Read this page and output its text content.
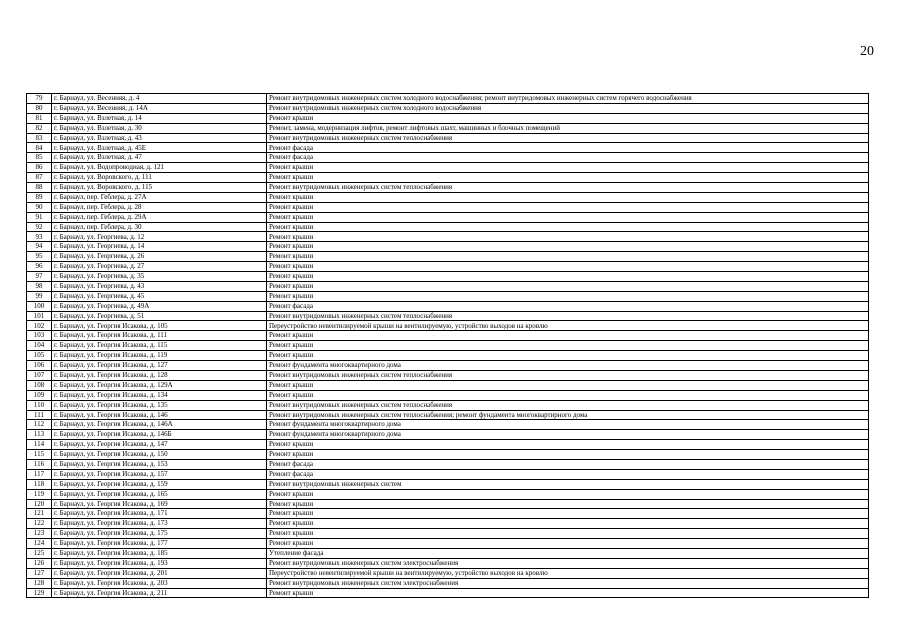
20
79	г. Барнаул, ул. Весенняя, д. 4	Ремонт внутридомовых инженерных систем холодного водоснабжения; ремонт внутридомовых инженерных систем горячего водоснабжения
80	г. Барнаул, ул. Весенняя, д. 14А	Ремонт внутридомовых инженерных систем холодного водоснабжения
81	г. Барнаул, ул. Взлетная, д. 14	Ремонт крыши
82	г. Барнаул, ул. Взлетная, д. 30	Ремонт, замена, модернизация лифтов, ремонт лифтовых шахт, машинных и блочных помещений
83	г. Барнаул, ул. Взлетная, д. 43	Ремонт внутридомовых инженерных систем теплоснабжения
84	г. Барнаул, ул. Взлетная, д. 45Е	Ремонт фасада
85	г. Барнаул, ул. Взлетная, д. 47	Ремонт фасада
86	г. Барнаул, ул. Водопроводная, д. 121	Ремонт крыши
87	г. Барнаул, ул. Воровского, д. 111	Ремонт крыши
88	г. Барнаул, ул. Воровского, д. 115	Ремонт внутридомовых инженерных систем теплоснабжения
89	г. Барнаул, пер. Геблера, д. 27А	Ремонт крыши
90	г. Барнаул, пер. Геблера, д. 28	Ремонт крыши
91	г. Барнаул, пер. Геблера, д. 29А	Ремонт крыши
92	г. Барнаул, пер. Геблера, д. 30	Ремонт крыши
93	г. Барнаул, ул. Георгиева, д. 12	Ремонт крыши
94	г. Барнаул, ул. Георгиева, д. 14	Ремонт крыши
95	г. Барнаул, ул. Георгиева, д. 26	Ремонт крыши
96	г. Барнаул, ул. Георгиева, д. 27	Ремонт крыши
97	г. Барнаул, ул. Георгиева, д. 35	Ремонт крыши
98	г. Барнаул, ул. Георгиева, д. 43	Ремонт крыши
99	г. Барнаул, ул. Георгиева, д. 45	Ремонт крыши
100	г. Барнаул, ул. Георгиева, д. 49А	Ремонт фасада
101	г. Барнаул, ул. Георгиева, д. 51	Ремонт внутридомовых инженерных систем теплоснабжения
102	г. Барнаул, ул. Георгия Исакова, д. 105	Переустройство невентилируемой крыши на вентилируемую, устройство выходов на кровлю
103	г. Барнаул, ул. Георгия Исакова, д. 111	Ремонт крыши
104	г. Барнаул, ул. Георгия Исакова, д. 115	Ремонт крыши
105	г. Барнаул, ул. Георгия Исакова, д. 119	Ремонт крыши
106	г. Барнаул, ул. Георгия Исакова, д. 127	Ремонт фундамента многоквартирного дома
107	г. Барнаул, ул. Георгия Исакова, д. 128	Ремонт внутридомовых инженерных систем теплоснабжения
108	г. Барнаул, ул. Георгия Исакова, д. 129А	Ремонт крыши
109	г. Барнаул, ул. Георгия Исакова, д. 134	Ремонт крыши
110	г. Барнаул, ул. Георгия Исакова, д. 135	Ремонт внутридомовых инженерных систем теплоснабжения
111	г. Барнаул, ул. Георгия Исакова, д. 146	Ремонт внутридомовых инженерных систем теплоснабжения; ремонт фундамента многоквартирного дома
112	г. Барнаул, ул. Георгия Исакова, д. 146А	Ремонт фундамента многоквартирного дома
113	г. Барнаул, ул. Георгия Исакова, д. 146Б	Ремонт фундамента многоквартирного дома
114	г. Барнаул, ул. Георгия Исакова, д. 147	Ремонт крыши
115	г. Барнаул, ул. Георгия Исакова, д. 150	Ремонт крыши
116	г. Барнаул, ул. Георгия Исакова, д. 153	Ремонт фасада
117	г. Барнаул, ул. Георгия Исакова, д. 157	Ремонт фасада
118	г. Барнаул, ул. Георгия Исакова, д. 159	Ремонт внутридомовых инженерных систем
119	г. Барнаул, ул. Георгия Исакова, д. 165	Ремонт крыши
120	г. Барнаул, ул. Георгия Исакова, д. 169	Ремонт крыши
121	г. Барнаул, ул. Георгия Исакова, д. 171	Ремонт крыши
122	г. Барнаул, ул. Георгия Исакова, д. 173	Ремонт крыши
123	г. Барнаул, ул. Георгия Исакова, д. 175	Ремонт крыши
124	г. Барнаул, ул. Георгия Исакова, д. 177	Ремонт крыши
125	г. Барнаул, ул. Георгия Исакова, д. 185	Утепление фасада
126	г. Барнаул, ул. Георгия Исакова, д. 193	Ремонт внутридомовых инженерных систем электроснабжения
127	г. Барнаул, ул. Георгия Исакова, д. 201	Переустройство невентилируемой крыши на вентилируемую, устройство выходов на кровлю
128	г. Барнаул, ул. Георгия Исакова, д. 203	Ремонт внутридомовых инженерных систем электроснабжения
129	г. Барнаул, ул. Георгия Исакова, д. 211	Ремонт крыши
